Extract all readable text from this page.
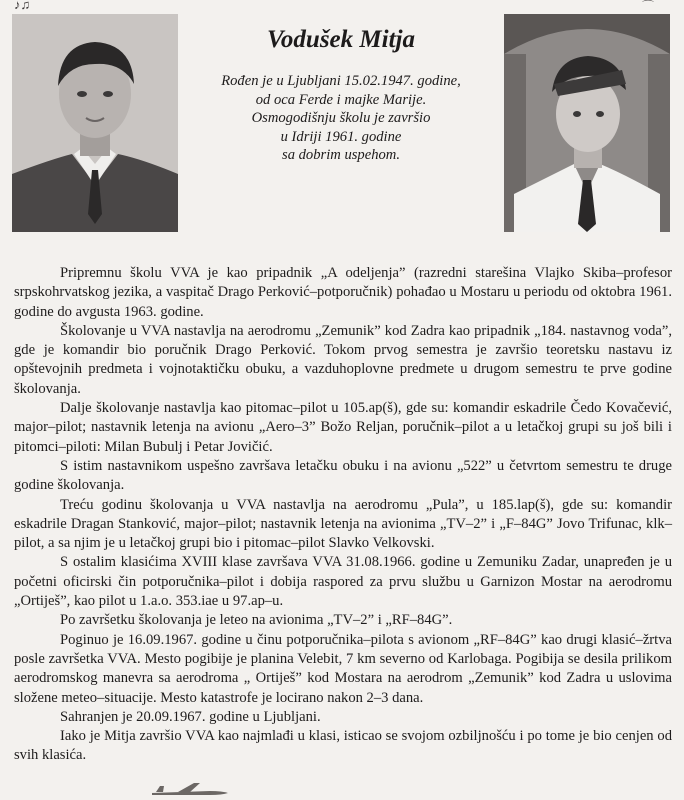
♪♫	⌒
Vodušek Mitja
Rođen je u Ljubljani 15.02.1947. godine,
od oca Ferde i majke Marije.
Osmogodišnju školu je završio
u Idriji 1961. godine
sa dobrim uspehom.

Pripremnu školu VVA je kao pripadnik „A odeljenja” (razredni starešina Vlajko Skiba–profesor srpskohrvatskog jezika, a vaspitač Drago Perković–potporučnik) pohađao u Mostaru u periodu od oktobra 1961. godine do avgusta 1963. godine.

Školovanje u VVA nastavlja na aerodromu „Zemunik” kod Zadra kao pripadnik „184. nastavnog voda”, gde je komandir bio poručnik Drago Perković. Tokom prvog semestra je završio teoretsku nastavu iz opštevojnih predmeta i vojnotaktičku obuku, a vazduhoplovne predmete u drugom semestru te prve godine školovanja.

Dalje školovanje nastavlja kao pitomac–pilot u 105.ap(š), gde su: komandir eskadrile Čedo Kovačević, major–pilot; nastavnik letenja na avionu „Aero–3” Božo Reljan, poručnik–pilot a u letačkoj grupi su još bili i pitomci–piloti: Milan Bubulj i Petar Jovičić.

S istim nastavnikom uspešno završava letačku obuku i na avionu „522” u četvrtom semestru te druge godine školovanja.

Treću godinu školovanja u VVA nastavlja na aerodromu „Pula”, u 185.lap(š), gde su: komandir eskadrile Dragan Stanković, major–pilot; nastavnik letenja na avionima „TV–2” i „F–84G” Jovo Trifunac, klk–pilot, a sa njim je u letačkoj grupi bio i pitomac–pilot Slavko Velkovski.

S ostalim klasićima XVIII klase završava VVA 31.08.1966. godine u Zemuniku Zadar, unapređen je u početni oficirski čin potporučnika–pilot i dobija raspored za prvu službu u Garnizon Mostar na aerodromu „Ortiješ”, kao pilot u 1.a.o. 353.iae u 97.ap–u.

Po završetku školovanja je leteo na avionima „TV–2” i „RF–84G”.

Poginuo je 16.09.1967. godine u činu potporučnika–pilota s avionom „RF–84G” kao drugi klasić–žrtva posle završetka VVA. Mesto pogibije je planina Velebit, 7 km severno od Karlobaga. Pogibija se desila prilikom aerodromskog manevra sa aerodroma „ Ortiješ” kod Mostara na aerodrom „Zemunik” kod Zadra u uslovima složene meteo–situacije. Mesto katastrofe je locirano nakon 2–3 dana.

Sahranjen je 20.09.1967. godine u Ljubljani.

Iako je Mitja završio VVA kao najmlađi u klasi, isticao se svojom ozbiljnošću i po tome je bio cenjen od svih klasića.
